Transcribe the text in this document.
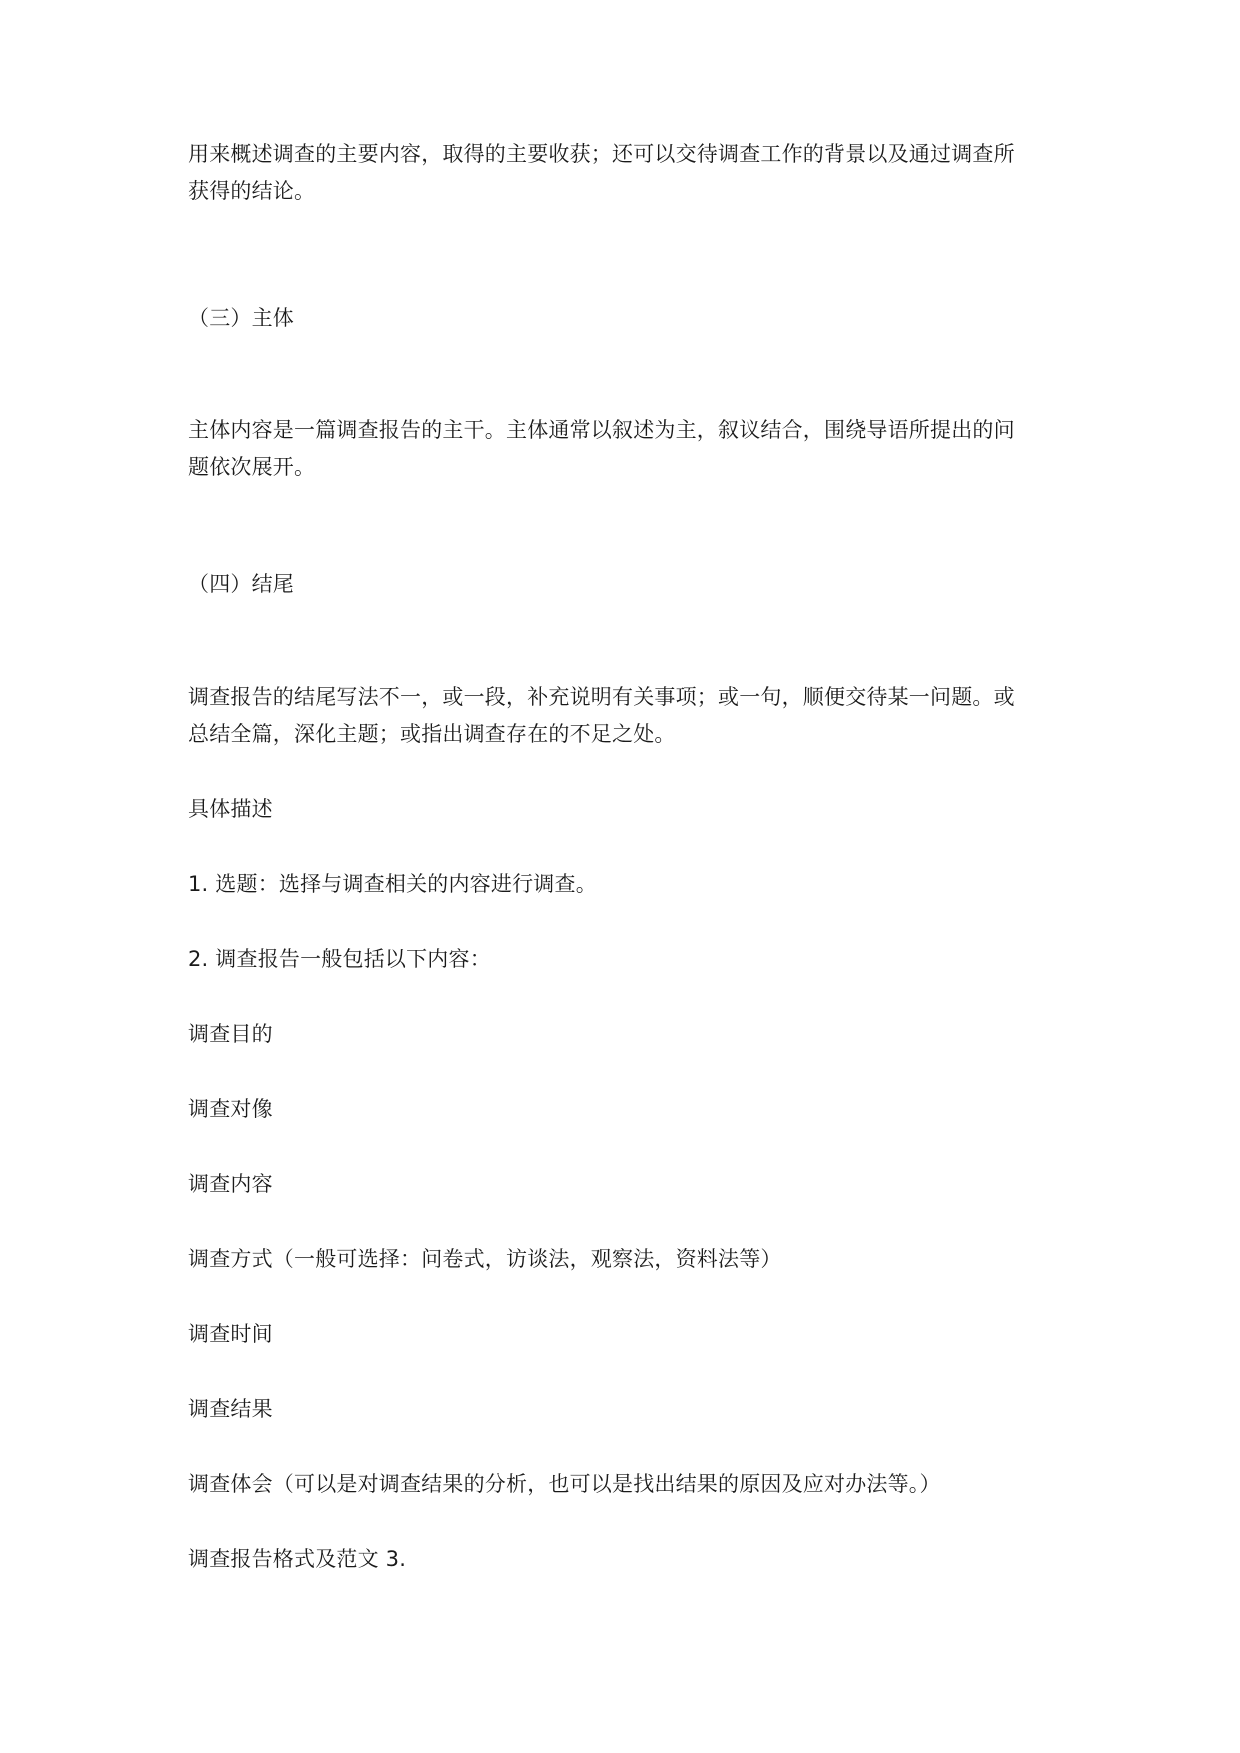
用来概述调查的主要内容，取得的主要收获；还可以交待调查工作的背景以及通过调查所
获得的结论。
（三）主体
主体内容是一篇调查报告的主干。主体通常以叙述为主，叙议结合，围绕导语所提出的问
题依次展开。
（四）结尾
调查报告的结尾写法不一，或一段，补充说明有关事项；或一句，顺便交待某一问题。或
总结全篇，深化主题；或指出调查存在的不足之处。
具体描述
1. 选题：选择与调查相关的内容进行调查。
2. 调查报告一般包括以下内容：
调查目的
调查对像
调查内容
调查方式（一般可选择：问卷式，访谈法，观察法，资料法等）
调查时间
调查结果
调查体会（可以是对调查结果的分析，也可以是找出结果的原因及应对办法等。）
调查报告格式及范文 3.
